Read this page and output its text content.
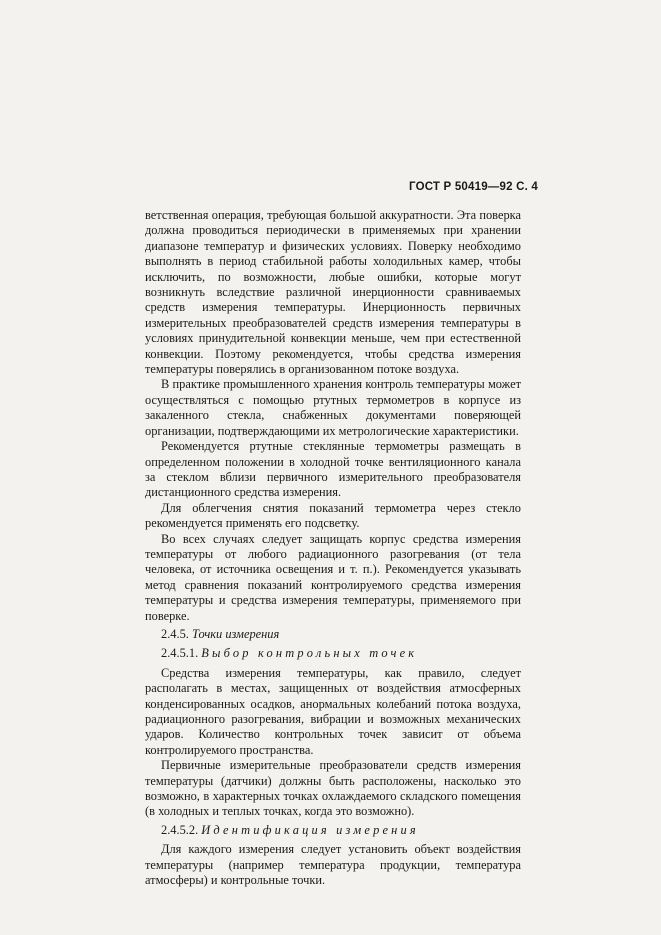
ГОСТ Р 50419—92 С. 4

ветственная операция, требующая большой аккуратности. Эта поверка должна проводиться периодически в применяемых при хранении диапазоне температур и физических условиях. Поверку необходимо выполнять в период стабильной работы холодильных камер, чтобы исключить, по возможности, любые ошибки, которые могут возникнуть вследствие различной инерционности сравниваемых средств измерения температуры. Инерционность первичных измерительных преобразователей средств измерения температуры в условиях принудительной конвекции меньше, чем при естественной конвекции. Поэтому рекомендуется, чтобы средства измерения температуры поверялись в организованном потоке воздуха.

В практике промышленного хранения контроль температуры может осуществляться с помощью ртутных термометров в корпусе из закаленного стекла, снабженных документами поверяющей организации, подтверждающими их метрологические характеристики.

Рекомендуется ртутные стеклянные термометры размещать в определенном положении в холодной точке вентиляционного канала за стеклом вблизи первичного измерительного преобразователя дистанционного средства измерения.

Для облегчения снятия показаний термометра через стекло рекомендуется применять его подсветку.

Во всех случаях следует защищать корпус средства измерения температуры от любого радиационного разогревания (от тела человека, от источника освещения и т. п.). Рекомендуется указывать метод сравнения показаний контролируемого средства измерения температуры и средства измерения температуры, применяемого при поверке.

2.4.5. Точки измерения

2.4.5.1. Выбор контрольных точек

Средства измерения температуры, как правило, следует располагать в местах, защищенных от воздействия атмосферных конденсированных осадков, анормальных колебаний потока воздуха, радиационного разогревания, вибрации и возможных механических ударов. Количество контрольных точек зависит от объема контролируемого пространства.

Первичные измерительные преобразователи средств измерения температуры (датчики) должны быть расположены, насколько это возможно, в характерных точках охлаждаемого складского помещения (в холодных и теплых точках, когда это возможно).

2.4.5.2. Идентификация измерения

Для каждого измерения следует установить объект воздействия температуры (например температура продукции, температура атмосферы) и контрольные точки.
